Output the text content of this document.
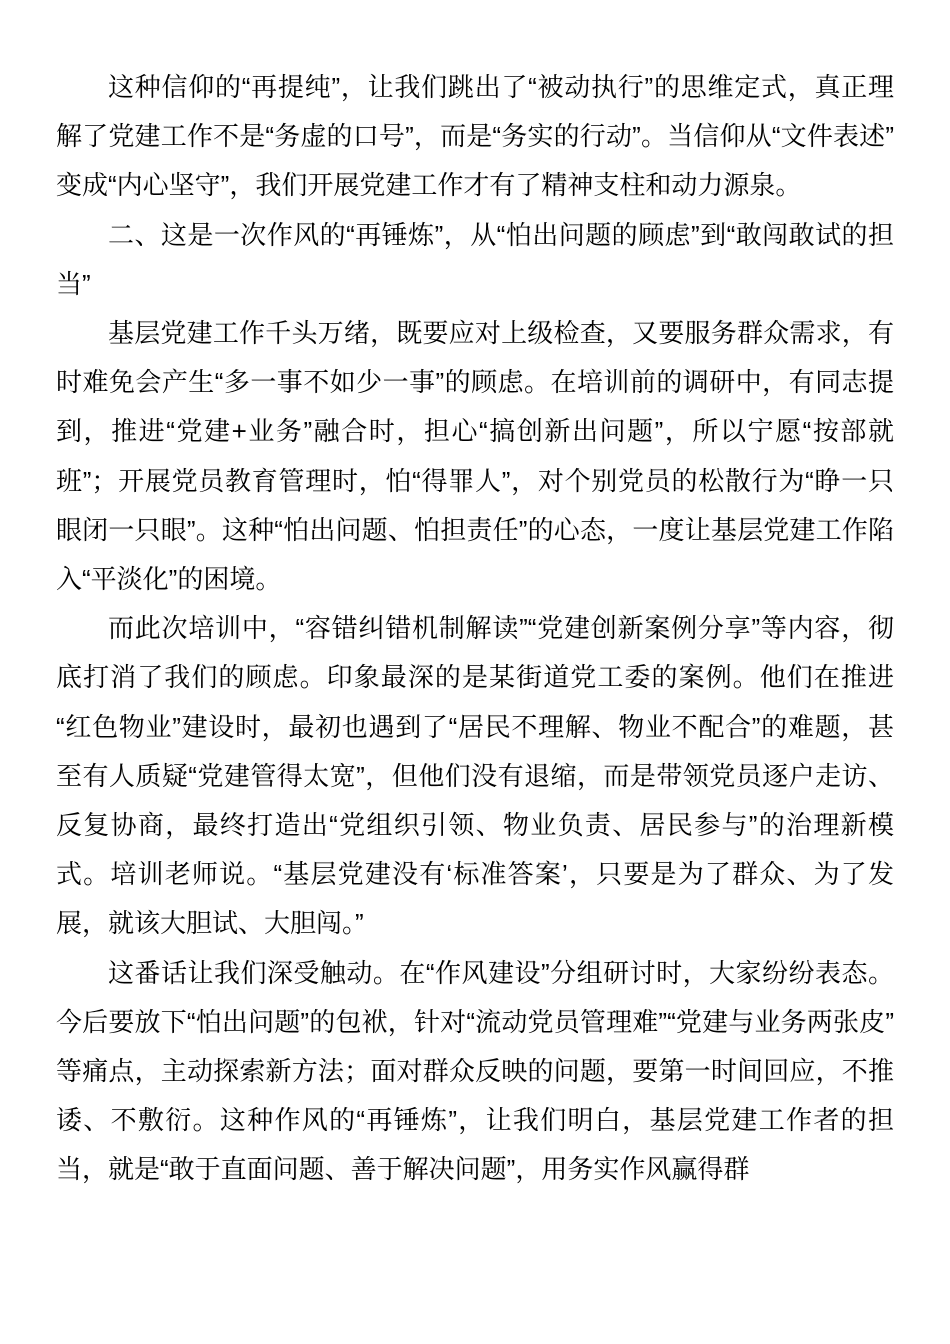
这种信仰的“再提纯”，让我们跳出了“被动执行”的思维定式，真正理解了党建工作不是“务虚的口号”，而是“务实的行动”。当信仰从“文件表述”变成“内心坚守”，我们开展党建工作才有了精神支柱和动力源泉。

二、这是一次作风的“再锤炼”，从“怕出问题的顾虑”到“敢闯敢试的担当”

基层党建工作千头万绪，既要应对上级检查，又要服务群众需求，有时难免会产生“多一事不如少一事”的顾虑。在培训前的调研中，有同志提到，推进“党建+业务”融合时，担心“搞创新出问题”，所以宁愿“按部就班”；开展党员教育管理时，怕“得罪人”，对个别党员的松散行为“睁一只眼闭一只眼”。这种“怕出问题、怕担责任”的心态，一度让基层党建工作陷入“平淡化”的困境。

而此次培训中，“容错纠错机制解读”“党建创新案例分享”等内容，彻底打消了我们的顾虑。印象最深的是某街道党工委的案例。他们在推进“红色物业”建设时，最初也遇到了“居民不理解、物业不配合”的难题，甚至有人质疑“党建管得太宽”，但他们没有退缩，而是带领党员逐户走访、反复协商，最终打造出“党组织引领、物业负责、居民参与”的治理新模式。培训老师说。“基层党建没有‘标准答案’，只要是为了群众、为了发展，就该大胆试、大胆闯。”

这番话让我们深受触动。在“作风建设”分组研讨时，大家纷纷表态。今后要放下“怕出问题”的包袱，针对“流动党员管理难”“党建与业务两张皮”等痛点，主动探索新方法；面对群众反映的问题，要第一时间回应，不推诿、不敷衍。这种作风的“再锤炼”，让我们明白，基层党建工作者的担当，就是“敢于直面问题、善于解决问题”，用务实作风赢得群
